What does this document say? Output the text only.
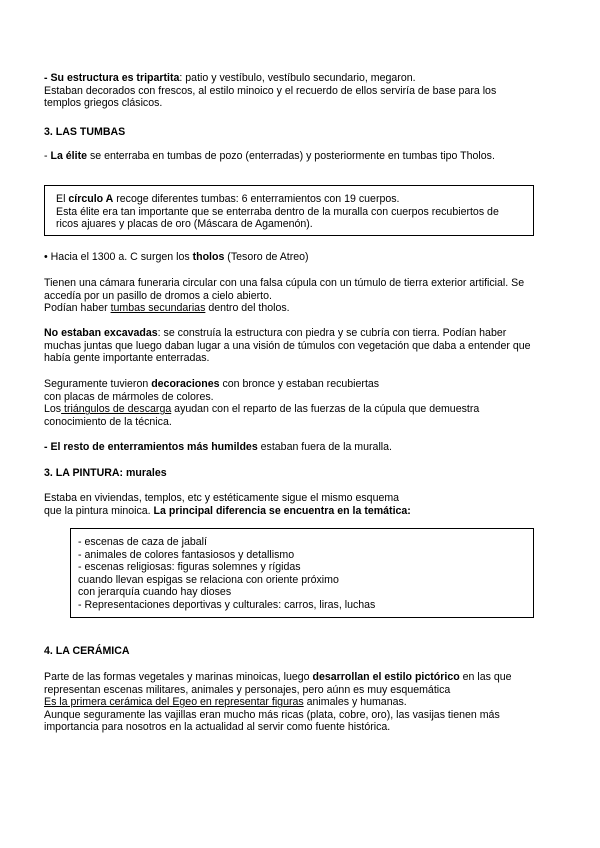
- Su estructura es tripartita: patio y vestíbulo, vestíbulo secundario, megaron.
Estaban decorados con frescos, al estilo minoico y el recuerdo de ellos serviría de base para los
templos griegos clásicos.
3. LAS TUMBAS
- La élite se enterraba en tumbas de pozo (enterradas) y posteriormente en tumbas tipo Tholos.
El círculo A recoge diferentes tumbas: 6 enterramientos con 19 cuerpos.
Esta élite era tan importante que se enterraba dentro de la muralla con cuerpos recubiertos de
ricos ajuares y placas de oro (Máscara de Agamenón).
• Hacia el 1300 a. C surgen los tholos (Tesoro de Atreo)
Tienen una cámara funeraria circular con una falsa cúpula con un túmulo de tierra exterior artificial. Se
accedía por un pasillo de dromos a cielo abierto.
Podían haber tumbas secundarias dentro del tholos.
No estaban excavadas: se construía la estructura con piedra y se cubría con tierra. Podían haber
muchas juntas que luego daban lugar a una visión de túmulos con vegetación que daba a entender que
había gente importante enterradas.
Seguramente tuvieron decoraciones con bronce y estaban recubiertas
con placas de mármoles de colores.
Los triángulos de descarga ayudan con el reparto de las fuerzas de la cúpula que demuestra
conocimiento de la técnica.
- El resto de enterramientos más humildes estaban fuera de la muralla.
3. LA PINTURA: murales
Estaba en viviendas, templos, etc y estéticamente sigue el mismo esquema
que la pintura minoica. La principal diferencia se encuentra en la temática:
- escenas de caza de jabalí
- animales de colores fantasiosos y detallismo
- escenas religiosas: figuras solemnes y rígidas
cuando llevan espigas se relaciona con oriente próximo
con jerarquía cuando hay dioses
- Representaciones deportivas y culturales: carros, liras, luchas
4. LA CERÁMICA
Parte de las formas vegetales y marinas minoicas, luego desarrollan el estilo pictórico en las que
representan escenas militares, animales y personajes, pero aúnn es muy esquemática
Es la primera cerámica del Egeo en representar figuras animales y humanas.
Aunque seguramente las vajillas eran mucho más ricas (plata, cobre, oro), las vasijas tienen más
importancia para nosotros en la actualidad al servir como fuente histórica.
